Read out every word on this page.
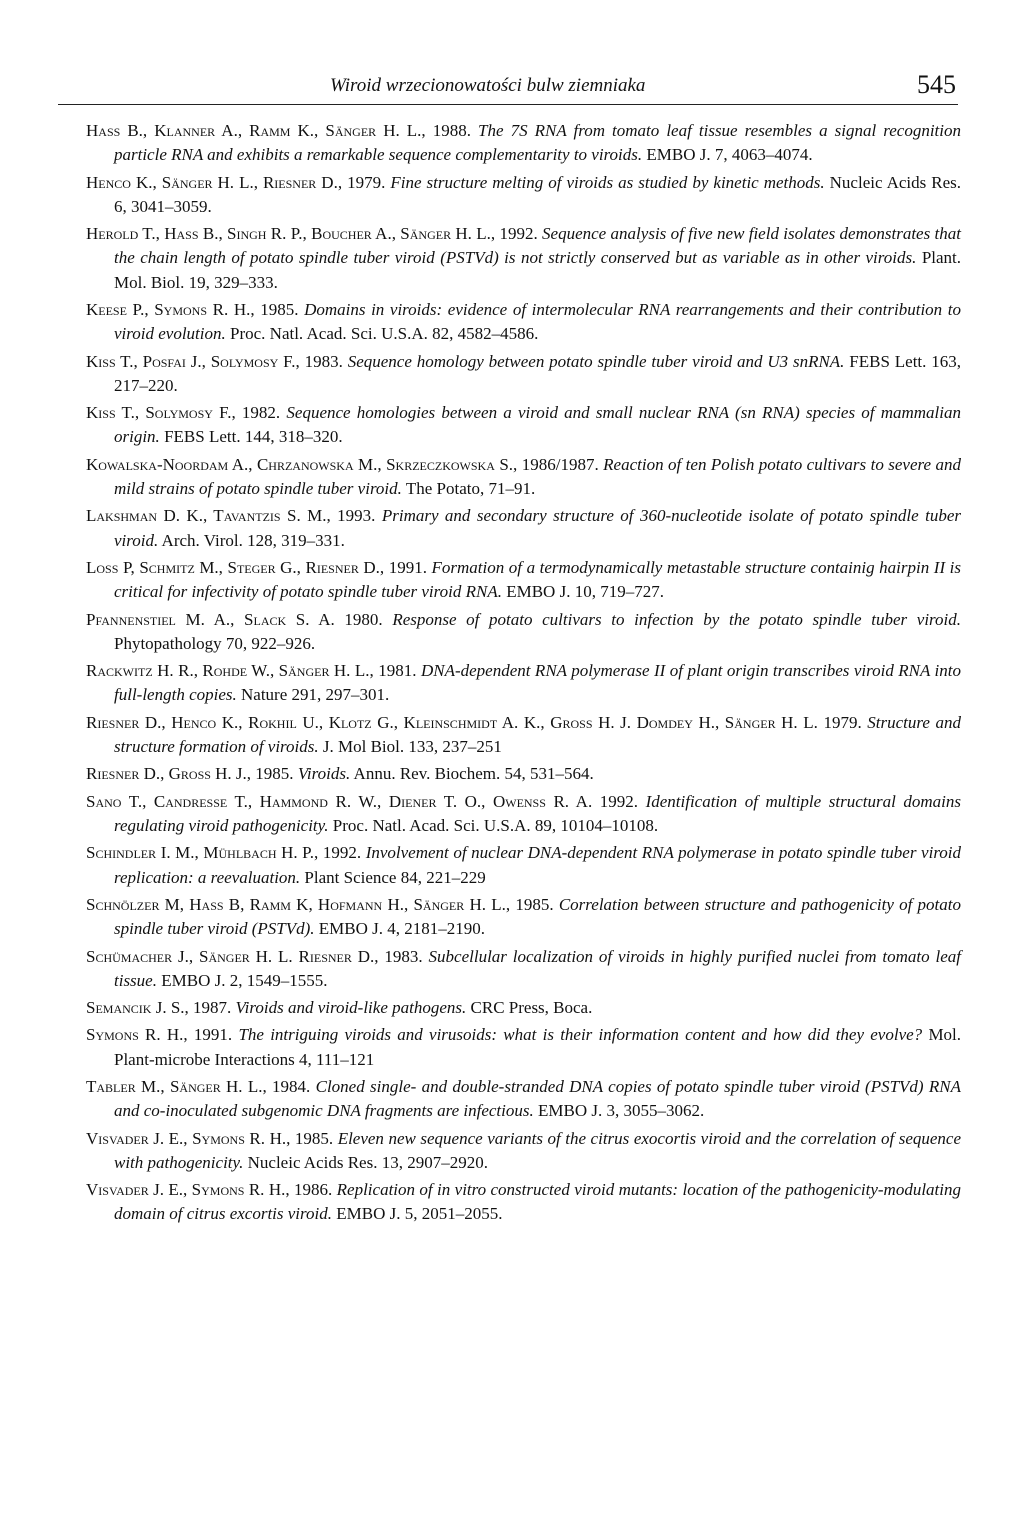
Wiroid wrzecionowatości bulw ziemniaka	545

Hass B., Klanner A., Ramm K., Sänger H. L., 1988. The 7S RNA from tomato leaf tissue resembles a signal recognition particle RNA and exhibits a remarkable sequence complementarity to viroids. EMBO J. 7, 4063–4074.

Henco K., Sänger H. L., Riesner D., 1979. Fine structure melting of viroids as studied by kinetic methods. Nucleic Acids Res. 6, 3041–3059.

Herold T., Hass B., Singh R. P., Boucher A., Sänger H. L., 1992. Sequence analysis of five new field isolates demonstrates that the chain length of potato spindle tuber viroid (PSTVd) is not strictly conserved but as variable as in other viroids. Plant. Mol. Biol. 19, 329–333.

Keese P., Symons R. H., 1985. Domains in viroids: evidence of intermolecular RNA rearrangements and their contribution to viroid evolution. Proc. Natl. Acad. Sci. U.S.A. 82, 4582–4586.

Kiss T., Posfai J., Solymosy F., 1983. Sequence homology between potato spindle tuber viroid and U3 snRNA. FEBS Lett. 163, 217–220.

Kiss T., Solymosy F., 1982. Sequence homologies between a viroid and small nuclear RNA (sn RNA) species of mammalian origin. FEBS Lett. 144, 318–320.

Kowalska-Noordam A., Chrzanowska M., Skrzeczkowska S., 1986/1987. Reaction of ten Polish potato cultivars to severe and mild strains of potato spindle tuber viroid. The Potato, 71–91.

Lakshman D. K., Tavantzis S. M., 1993. Primary and secondary structure of 360-nucleotide isolate of potato spindle tuber viroid. Arch. Virol. 128, 319–331.

Loss P, Schmitz M., Steger G., Riesner D., 1991. Formation of a termodynamically metastable structure containig hairpin II is critical for infectivity of potato spindle tuber viroid RNA. EMBO J. 10, 719–727.

Pfannenstiel M. A., Slack S. A. 1980. Response of potato cultivars to infection by the potato spindle tuber viroid. Phytopathology 70, 922–926.

Rackwitz H. R., Rohde W., Sänger H. L., 1981. DNA-dependent RNA polymerase II of plant origin transcribes viroid RNA into full-length copies. Nature 291, 297–301.

Riesner D., Henco K., Rokhil U., Klotz G., Kleinschmidt A. K., Gross H. J. Domdey H., Sänger H. L. 1979. Structure and structure formation of viroids. J. Mol Biol. 133, 237–251

Riesner D., Gross H. J., 1985. Viroids. Annu. Rev. Biochem. 54, 531–564.

Sano T., Candresse T., Hammond R. W., Diener T. O., Owenss R. A. 1992. Identification of multiple structural domains regulating viroid pathogenicity. Proc. Natl. Acad. Sci. U.S.A. 89, 10104–10108.

Schindler I. M., Mühlbach H. P., 1992. Involvement of nuclear DNA-dependent RNA polymerase in potato spindle tuber viroid replication: a reevaluation. Plant Science 84, 221–229

Schnölzer M, Hass B, Ramm K, Hofmann H., Sänger H. L., 1985. Correlation between structure and pathogenicity of potato spindle tuber viroid (PSTVd). EMBO J. 4, 2181–2190.

Schümacher J., Sänger H. L. Riesner D., 1983. Subcellular localization of viroids in highly purified nuclei from tomato leaf tissue. EMBO J. 2, 1549–1555.

Semancik J. S., 1987. Viroids and viroid-like pathogens. CRC Press, Boca.

Symons R. H., 1991. The intriguing viroids and virusoids: what is their information content and how did they evolve? Mol. Plant-microbe Interactions 4, 111–121

Tabler M., Sänger H. L., 1984. Cloned single- and double-stranded DNA copies of potato spindle tuber viroid (PSTVd) RNA and co-inoculated subgenomic DNA fragments are infectious. EMBO J. 3, 3055–3062.

Visvader J. E., Symons R. H., 1985. Eleven new sequence variants of the citrus exocortis viroid and the correlation of sequence with pathogenicity. Nucleic Acids Res. 13, 2907–2920.

Visvader J. E., Symons R. H., 1986. Replication of in vitro constructed viroid mutants: location of the pathogenicity-modulating domain of citrus excortis viroid. EMBO J. 5, 2051–2055.
